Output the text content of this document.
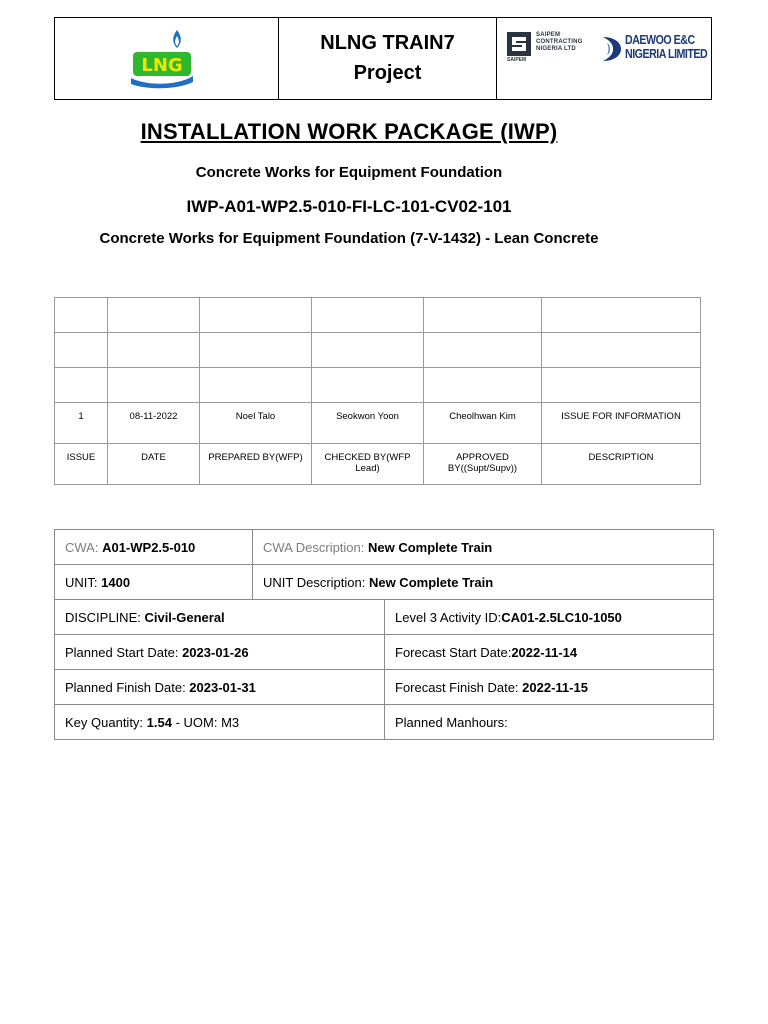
LNG
NLNG TRAIN7
Project
SAIPEM
CONTRACTING
NIGERIA LTD
SAIPEM
DAEWOO E&C
NIGERIA LIMITED
INSTALLATION WORK PACKAGE (IWP)
Concrete Works for Equipment Foundation
IWP-A01-WP2.5-010-FI-LC-101-CV02-101
Concrete Works for Equipment Foundation (7-V-1432) - Lean Concrete

1	08-11-2022	Noel Talo	Seokwon Yoon	Cheolhwan Kim	ISSUE FOR INFORMATION
ISSUE	DATE	PREPARED BY(WFP)	CHECKED BY(WFP Lead)	APPROVED BY((Supt/Supv))	DESCRIPTION
CWA: A01-WP2.5-010	CWA Description: New Complete Train	
UNIT: 1400	UNIT Description: New Complete Train	
DISCIPLINE: Civil-General		Level 3 Activity ID:CA01-2.5LC10-1050
Planned Start Date: 2023-01-26		Forecast Start Date:2022-11-14
Planned Finish Date: 2023-01-31		Forecast Finish Date: 2022-11-15
Key Quantity: 1.54 - UOM: M3		Planned Manhours:
